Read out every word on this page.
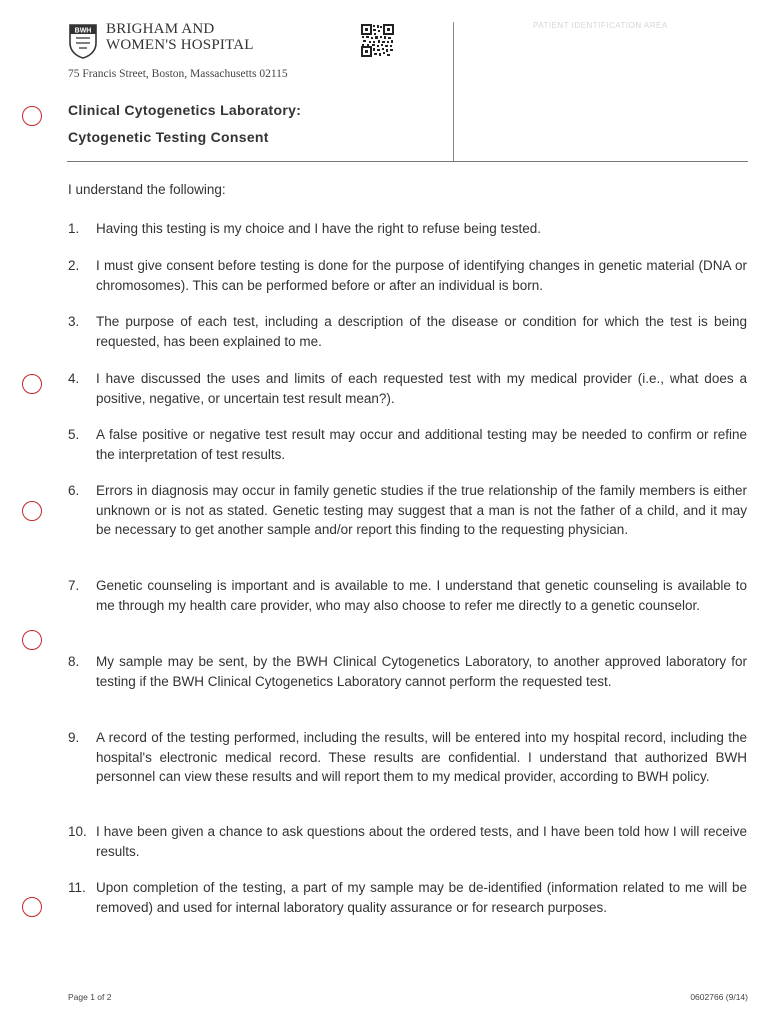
BWH BRIGHAM AND
WOMEN'S HOSPITAL
75 Francis Street, Boston, Massachusetts 02115
PATIENT IDENTIFICATION AREA
Clinical Cytogenetics Laboratory:
Cytogenetic Testing Consent
I understand the following:
1. Having this testing is my choice and I have the right to refuse being tested.
2. I must give consent before testing is done for the purpose of identifying changes in genetic material (DNA or chromosomes). This can be performed before or after an individual is born.
3. The purpose of each test, including a description of the disease or condition for which the test is being requested, has been explained to me.
4. I have discussed the uses and limits of each requested test with my medical provider (i.e., what does a positive, negative, or uncertain test result mean?).
5. A false positive or negative test result may occur and additional testing may be needed to confirm or refine the interpretation of test results.
6. Errors in diagnosis may occur in family genetic studies if the true relationship of the family members is either unknown or is not as stated. Genetic testing may suggest that a man is not the father of a child, and it may be necessary to get another sample and/or report this finding to the requesting physician.
7. Genetic counseling is important and is available to me. I understand that genetic counseling is available to me through my health care provider, who may also choose to refer me directly to a genetic counselor.
8. My sample may be sent, by the BWH Clinical Cytogenetics Laboratory, to another approved laboratory for testing if the BWH Clinical Cytogenetics Laboratory cannot perform the requested test.
9. A record of the testing performed, including the results, will be entered into my hospital record, including the hospital's electronic medical record. These results are confidential. I understand that authorized BWH personnel can view these results and will report them to my medical provider, according to BWH policy.
10. I have been given a chance to ask questions about the ordered tests, and I have been told how I will receive results.
11. Upon completion of the testing, a part of my sample may be de-identified (information related to me will be removed) and used for internal laboratory quality assurance or for research purposes.
Page 1 of 2	0602766 (9/14)
